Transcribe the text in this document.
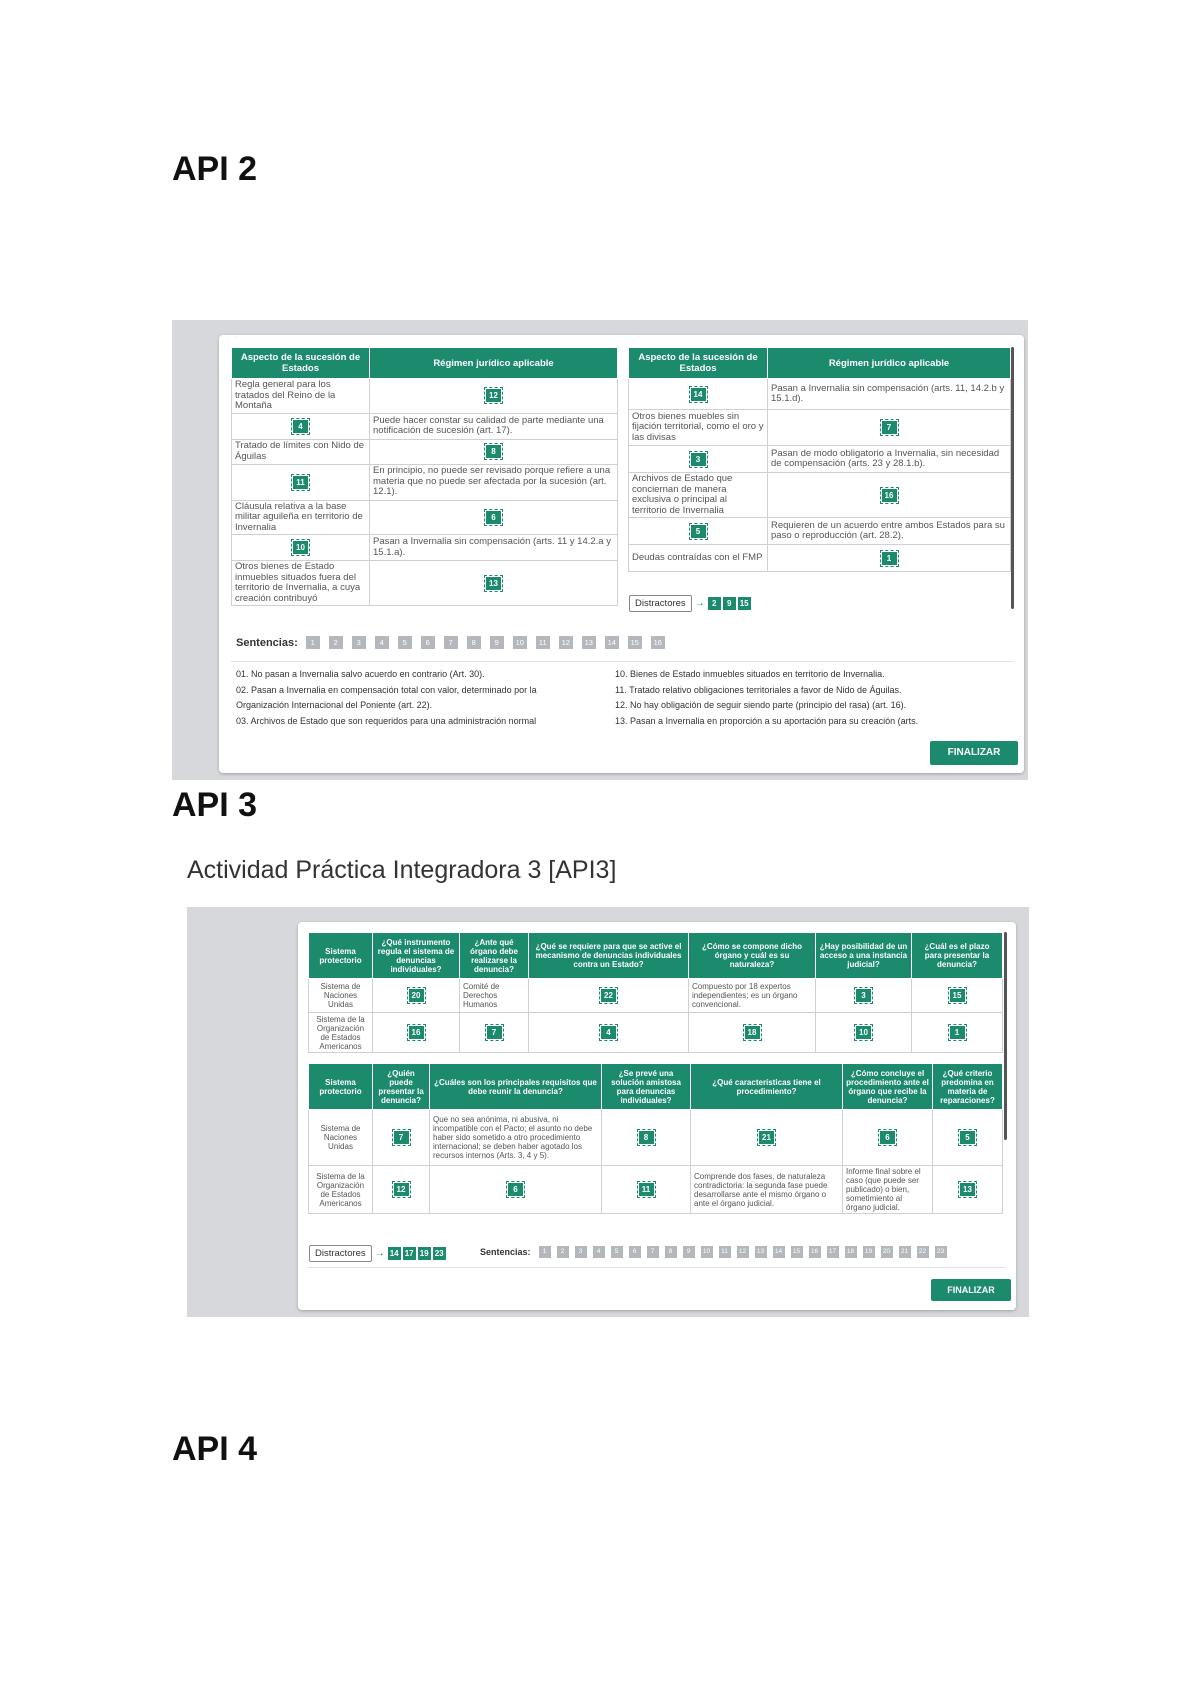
API 2
API 3

Actividad Práctica Integradora 3 [API3]

API 4
Aspecto de la sucesión de Estados	Régimen jurídico aplicable
Regla general para los tratados del Reino de la Montaña	12
4	Puede hacer constar su calidad de parte mediante una notificación de sucesión (art. 17).
Tratado de límites con Nido de Águilas	8
11	En principio, no puede ser revisado porque refiere a una materia que no puede ser afectada por la sucesión (art. 12.1).
Cláusula relativa a la base militar aguileña en territorio de Invernalia	6
10	Pasan a Invernalia sin compensación (arts. 11 y 14.2.a y 15.1.a).
Otros bienes de Estado inmuebles situados fuera del territorio de Invernalia, a cuya creación contribuyó	13
Aspecto de la sucesión de Estados	Régimen jurídico aplicable
14	Pasan a Invernalia sin compensación (arts. 11, 14.2.b y 15.1.d).
Otros bienes muebles sin fijación territorial, como el oro y las divisas	7
3	Pasan de modo obligatorio a Invernalia, sin necesidad de compensación (arts. 23 y 28.1.b).
Archivos de Estado que conciernan de manera exclusiva o principal al territorio de Invernalia	16
5	Requieren de un acuerdo entre ambos Estados para su paso o reproducción (art. 28.2).
Deudas contraídas con el FMP	1
Distractores → 2	9	15
Sentencias:	1	2	3	4	5	6	7	8	9	10	11	12	13	14	15	16
01. No pasan a Invernalia salvo acuerdo en contrario (Art. 30).
02. Pasan a Invernalia en compensación total con valor, determinado por la
Organización Internacional del Poniente (art. 22).
03. Archivos de Estado que son requeridos para una administración normal
10. Bienes de Estado inmuebles situados en territorio de Invernalia.
11. Tratado relativo obligaciones territoriales a favor de Nido de Águilas.
12. No hay obligación de seguir siendo parte (principio del rasa) (art. 16).
13. Pasan a Invernalia en proporción a su aportación para su creación (arts.
FINALIZAR
Sistema protectorio	¿Qué instrumento regula el sistema de denuncias individuales?	¿Ante qué órgano debe realizarse la denuncia?	¿Qué se requiere para que se active el mecanismo de denuncias individuales contra un Estado?	¿Cómo se compone dicho órgano y cuál es su naturaleza?	¿Hay posibilidad de un acceso a una instancia judicial?	¿Cuál es el plazo para presentar la denuncia?
Sistema de Naciones Unidas	20	Comité de Derechos Humanos	22	Compuesto por 18 expertos independientes; es un órgano convencional.	3	15
Sistema de la Organización de Estados Americanos	16	7	4	18	10	1
Sistema protectorio	¿Quién puede presentar la denuncia?	¿Cuáles son los principales requisitos que debe reunir la denuncia?	¿Se prevé una solución amistosa para denuncias individuales?	¿Qué características tiene el procedimiento?	¿Cómo concluye el procedimiento ante el órgano que recibe la denuncia?	¿Qué criterio predomina en materia de reparaciones?
Sistema de Naciones Unidas	7	Que no sea anónima, ni abusiva, ni incompatible con el Pacto; el asunto no debe haber sido sometido a otro procedimiento internacional; se deben haber agotado los recursos internos (Arts. 3, 4 y 5).	8	21	6	5
Sistema de la Organización de Estados Americanos	12	6	11	Comprende dos fases, de naturaleza contradictoria: la segunda fase puede desarrollarse ante el mismo órgano o ante el órgano judicial.	Informe final sobre el caso (que puede ser publicado) o bien, sometimiento al órgano judicial.	13
Distractores → 14 17 19 23	Sentencias:	1	2	3	4	5	6	7	8	9	10	11	12	13	14	15	16	17	18	19	20	21	22	23
FINALIZAR
